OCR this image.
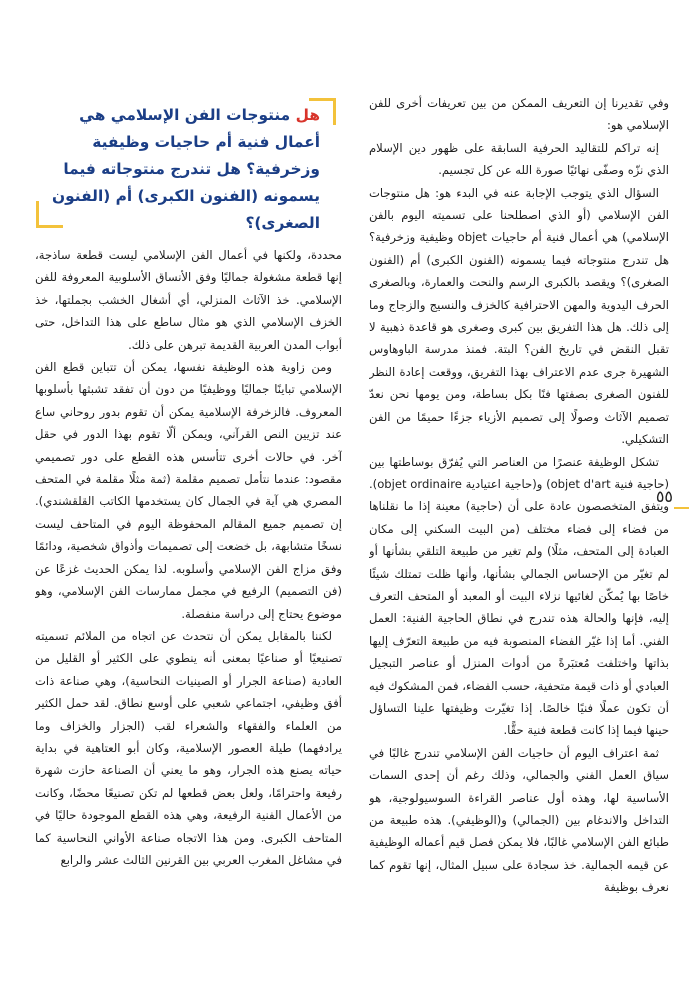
وفي تقديرنا إن التعريف الممكن من بين تعريفات أخرى للفن الإسلامي هو:

إنه تراكم للتقاليد الحرفية السابقة على ظهور دين الإسلام الذي نزّه وصفّى نهائيًا صورة الله عن كل تجسيم.

السؤال الذي يتوجب الإجابة عنه في البدء هو: هل منتوجات الفن الإسلامي (أو الذي اصطلحنا على تسميته اليوم بالفن الإسلامي) هي أعمال فنية أم حاجيات objet وظيفية وزخرفية؟ هل تندرج منتوجاته فيما يسمونه (الفنون الكبرى) أم (الفنون الصغرى)؟ ويقصد بالكبرى الرسم والنحت والعمارة، وبالصغرى الحرف اليدوية والمهن الاحترافية كالخزف والنسيج والزجاج وما إلى ذلك. هل هذا التفريق بين كبرى وصغرى هو قاعدة ذهبية لا تقبل النقض في تاريخ الفن؟ البتة. فمنذ مدرسة الباوهاوس الشهيرة جرى عدم الاعتراف بهذا التفريق، ووقعت إعادة النظر للفنون الصغرى بصفتها فنًا بكل بساطة، ومن يومها نحن نعدّ تصميم الآثاث وصولًا إلى تصميم الأزياء جزءًا حميمًا من الفن التشكيلي.

تشكل الوظيفة عنصرًا من العناصر التي يُفرّق بوساطتها بين (حاجية فنية objet d'art) و(حاجية اعتيادية objet ordinaire). ويتفق المتخصصون عادة على أن (حاجية) معينة إذا ما نقلناها من فضاء إلى فضاء مختلف (من البيت السكني إلى مكان العبادة إلى المتحف، مثلًا) ولم تغير من طبيعة التلقي بشأنها أو لم تغيّر من الإحساس الجمالي بشأنها، وأنها ظلت تمتلك شيئًا خاصًا بها يُمكّن لغائيها نزلاء البيت أو المعبد أو المتحف التعرف إليه، فإنها والحالة هذه تندرج في نطاق الحاجية الفنية: العمل الفني. أما إذا غيّر الفضاء المنصوبة فيه من طبيعة التعرّف إليها بذاتها واختلفت مُعتبَرةً من أدوات المنزل أو عناصر التبجيل العبادي أو ذات قيمة متحفية، حسب الفضاء، فمن المشكوك فيه أن تكون عملًا فنيًا خالصًا. إذا تغيّرت وظيفتها علينا التساؤل حينها فيما إذا كانت قطعة فنية حقًّا.

ثمة اعتراف اليوم أن حاجيات الفن الإسلامي تندرج غالبًا في سياق العمل الفني والجمالي، وذلك رغم أن إحدى السمات الأساسية لها، وهذه أول عناصر القراءة السوسيولوجية، هو التداخل والاندغام بين (الجمالي) و(الوظيفي). هذه طبيعة من طبائع الفن الإسلامي غالبًا، فلا يمكن فصل قيم أعماله الوظيفية عن قيمه الجمالية. خذ سجادة على سبيل المثال، إنها تقوم كما نعرف بوظيفة

هل منتوجات الفن الإسلامي هي أعمال فنية أم حاجيات وظيفية وزخرفية؟ هل تندرج منتوجاته فيما يسمونه (الفنون الكبرى) أم (الفنون الصغرى)؟

محددة، ولكنها في أعمال الفن الإسلامي ليست قطعة ساذجة، إنها قطعة مشغولة جماليًا وفق الأنساق الأسلوبية المعروفة للفن الإسلامي. خذ الآثاث المنزلي، أي أشغال الخشب بجملتها، خذ الخزف الإسلامي الذي هو مثال ساطع على هذا التداخل، حتى أبواب المدن العربية القديمة تبرهن على ذلك.

ومن زاوية هذه الوظيفة نفسها، يمكن أن تتباين قطع الفن الإسلامي تباينًا جماليًا ووظيفيًا من دون أن تفقد تشبثها بأسلوبها المعروف. فالزخرفة الإسلامية يمكن أن تقوم بدور روحاني ساع عند تزيين النص القرآني، ويمكن ألّا تقوم بهذا الدور في حقل آخر. في حالات أخرى تتأسس هذه القطع على دور تصميمي مقصود: عندما نتأمل تصميم مقلمة (ثمة مثلًا مقلمة في المتحف المصري هي آية في الجمال كان يستخدمها الكاتب القلقشندي). إن تصميم جميع المقالم المحفوظة اليوم في المتاحف ليست نسخًا متشابهة، بل خضعت إلى تصميمات وأذواق شخصية، ودائمًا وفق مزاج الفن الإسلامي وأسلوبه. لذا يمكن الحديث غزعًا عن (فن التصميم) الرفيع في مجمل ممارسات الفن الإسلامي، وهو موضوع يحتاج إلى دراسة منفصلة.

لكننا بالمقابل يمكن أن نتحدث عن اتجاه من الملائم تسميته تصنيعيًا أو صناعيًا بمعنى أنه ينطوي على الكثير أو القليل من العادية (صناعة الجرار أو الصينيات النحاسية)، وهي صناعة ذات أفق وظيفي، اجتماعي شعبي على أوسع نطاق. لقد حمل الكثير من العلماء والفقهاء والشعراء لقب (الجزار والخزاف وما يرادفهما) طيلة العصور الإسلامية، وكان أبو العتاهية في بداية حياته يصنع هذه الجرار، وهو ما يعني أن الصناعة حازت شهرة رفيعة واحترامًا، ولعل بعض قطعها لم تكن تصنيعًا محضًا، وكانت من الأعمال الفنية الرفيعة، وهي هذه القطع الموجودة حاليًا في المتاحف الكبرى. ومن هذا الاتجاه صناعة الأواني النحاسية كما في مشاغل المغرب العربي بين القرنين الثالث عشر والرابع

٥٥
